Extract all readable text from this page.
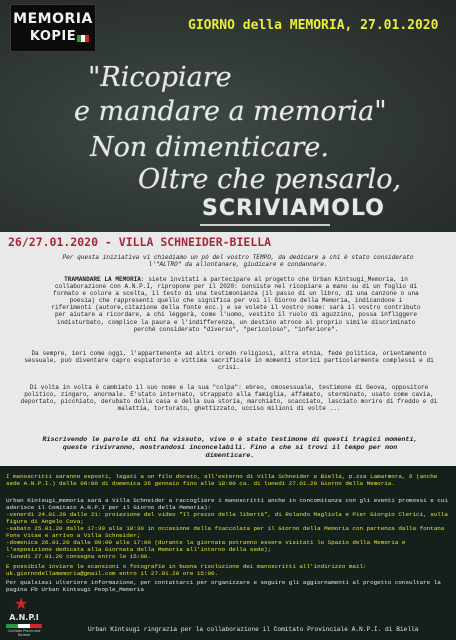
MEMORIA
KOPIE
GIORNO della MEMORIA, 27.01.2020
"Ricopiare
e mandare a memoria"
Non dimenticare.
Oltre che pensarlo,
SCRIVIAMOLO
26/27.01.2020 - VILLA SCHNEIDER-BIELLA
Per questa iniziativa vi chiediamo un pò del vostro TEMPO, da dedicare a chi è stato considerato l'"ALTRO" da allontanare, giudicare e condannare.
TRAMANDARE LA MEMORIA: siete invitati a partecipare al progetto che Urban Kintsugi_Memoria, in collaborazione con A.N.P.I, ripropone per il 2020: consiste nel ricopiare a mano su di un foglio di formato e colore a scelta, il testo di una testimonianza (il passo di un libro, di una canzone o una poesia) che rappresenti quello che significa per voi il Giorno della Memoria, indicandone i riferimenti (autore,citazione della fonte ecc.) e se volete il vostro nome: sarà il vostro contributo per aiutare a ricordare, a chi leggerà, come l'uomo, vestito il ruolo di aguzzino, possa infliggere indisturbato, complice la paura e l'indifferenza, un destino atroce al proprio simile discriminato perché considerato "diverso", "pericoloso", "inferiore".
Da sempre, ieri come oggi, l'appartenente ad altri credo religiosi, altra etnia, fede politica, orientamento sessuale, può diventare capro espiatorio e vittima sacrificale in momenti storici particolarmente complessi e di crisi.
Di volta in volta è cambiato il suo nome e la sua "colpa": ebreo, omosessuale, testimone di Geova, oppositore politico, zingaro, anormale. E'stato internato, strappato alla famiglia, affamato, sterminato, usato come cavia, deportato, picchiato, derubato della casa e della sua storia, marchiato, scacciato, lasciato morire di freddo e di malattia, torturato, ghettizzato, ucciso milioni di volte ...
Riscrivendo le parole di chi ha vissuto, vive o è stato testimone di questi tragici momenti, queste rivivranno, mostrandosi inconcelabili. Fino a che si trovi il tempo per non dimenticare.
I manoscritti saranno esposti, legati a un filo dorato, all'esterno di Villa Schneider a Biella, p.zza Lamarmora, 6 (anche sede A.N.P.I.) dalle 09:00 di domenica 26 gennaio fino alle 18:00 ca. di lunedì 27.01.20 Giorno della Memoria.
Urban Kintsugi_memoria sarà a Villa Schneider a raccogliere i manoscritti anche in concomitanza con gli eventi promossi e cui aderisce il Comitato A.N.P.I per il Giorno della Memoria):
-venerdì 24.01.20 dalle 21: proiezione del video "Il prezzo della libertà", di Rolando Magliola e Pier Giorgio Clerici, sulla figura di Angelo Cova;
-sabato 25.01.20 dalle 17:30 alle 18:30 in occasione della fiaccolata per il Giorno della Memoria con partenza dalla fontana Fons Vitae e arrivo a Villa Schneider;
-domenica 26.01.20 dalle 09:00 alle 17:00 (durante la giornata potranno essere visitati lo Spazio della Memoria e l'esposizione dedicata alla Giornata della Memoria all'interno della sede);
-lunedì 27.01.20 consegna entro le 15:00.
E possibile inviare le scansioni o fotografie in buona risoluzione dei manoscritti all'indirizzo mail: uk.giornodellamemoria@gmail.com entro il 27.01.20 ore 15:00.
Per qualsiasi ulteriore informazione, per contattarci per organizzare e seguire gli aggiornamenti al progetto consultare la pagina Fb Urban Kintsugi People_Memoria
★
A.N.P.I
Comitato Provinciale Biellese
Urban Kintsugi ringrazia per la collaborazione il Comitato Provinciale A.N.P.I. di Biella
